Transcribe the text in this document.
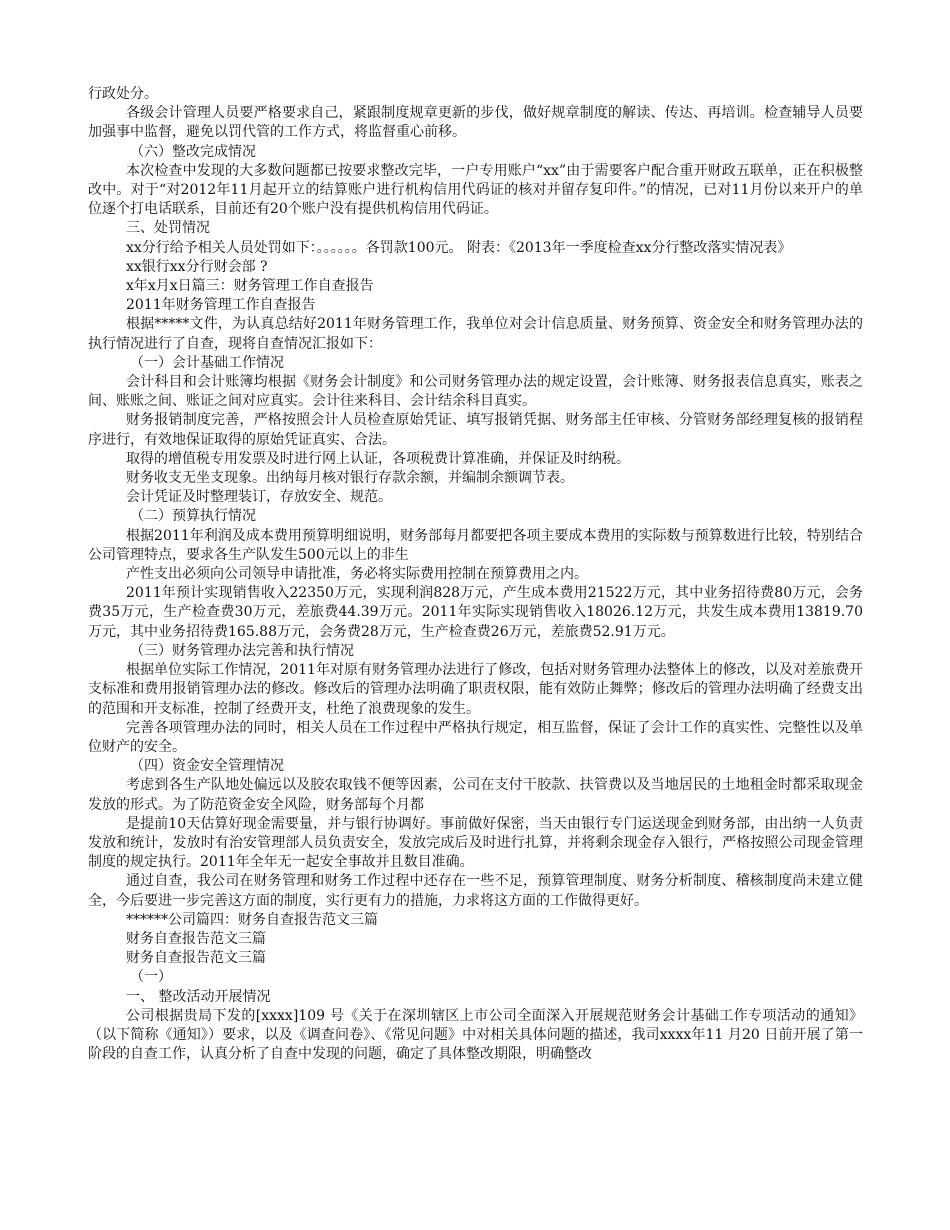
行政处分。

各级会计管理人员要严格要求自己，紧跟制度规章更新的步伐，做好规章制度的解读、传达、再培训。检查辅导人员要加强事中监督，避免以罚代管的工作方式，将监督重心前移。

（六）整改完成情况

本次检查中发现的大多数问题都已按要求整改完毕，一户专用账户“xx”由于需要客户配合重开财政五联单，正在积极整改中。对于“对2012年11月起开立的结算账户进行机构信用代码证的核对并留存复印件。”的情况，已对11月份以来开户的单位逐个打电话联系，目前还有20个账户没有提供机构信用代码证。

三、处罚情况

xx分行给予相关人员处罚如下：。。。。。。各罚款100元。 附表：《2013年一季度检查xx分行整改落实情况表》

xx银行xx分行财会部 ?

x年x月x日篇三：财务管理工作自查报告

2011年财务管理工作自查报告

根据*****文件，为认真总结好2011年财务管理工作，我单位对会计信息质量、财务预算、资金安全和财务管理办法的执行情况进行了自查，现将自查情况汇报如下：

（一）会计基础工作情况

会计科目和会计账簿均根据《财务会计制度》和公司财务管理办法的规定设置，会计账簿、财务报表信息真实，账表之间、账账之间、账证之间对应真实。会计往来科目、会计结余科目真实。

财务报销制度完善，严格按照会计人员检查原始凭证、填写报销凭据、财务部主任审核、分管财务部经理复核的报销程序进行，有效地保证取得的原始凭证真实、合法。

取得的增值税专用发票及时进行网上认证，各项税费计算准确，并保证及时纳税。

财务收支无坐支现象。出纳每月核对银行存款余额，并编制余额调节表。

会计凭证及时整理装订，存放安全、规范。

（二）预算执行情况

根据2011年利润及成本费用预算明细说明，财务部每月都要把各项主要成本费用的实际数与预算数进行比较，特别结合公司管理特点，要求各生产队发生500元以上的非生

产性支出必须向公司领导申请批准，务必将实际费用控制在预算费用之内。

2011年预计实现销售收入22350万元，实现利润828万元，产生成本费用21522万元，其中业务招待费80万元，会务费35万元，生产检查费30万元，差旅费44.39万元。2011年实际实现销售收入18026.12万元，共发生成本费用13819.70万元，其中业务招待费165.88万元，会务费28万元，生产检查费26万元，差旅费52.91万元。

（三）财务管理办法完善和执行情况

根据单位实际工作情况，2011年对原有财务管理办法进行了修改，包括对财务管理办法整体上的修改，以及对差旅费开支标准和费用报销管理办法的修改。修改后的管理办法明确了职责权限，能有效防止舞弊；修改后的管理办法明确了经费支出的范围和开支标准，控制了经费开支，杜绝了浪费现象的发生。

完善各项管理办法的同时，相关人员在工作过程中严格执行规定，相互监督，保证了会计工作的真实性、完整性以及单位财产的安全。

（四）资金安全管理情况

考虑到各生产队地处偏远以及胶农取钱不便等因素，公司在支付干胶款、扶管费以及当地居民的土地租金时都采取现金发放的形式。为了防范资金安全风险，财务部每个月都

是提前10天估算好现金需要量，并与银行协调好。事前做好保密，当天由银行专门运送现金到财务部，由出纳一人负责发放和统计，发放时有治安管理部人员负责安全，发放完成后及时进行扎算，并将剩余现金存入银行，严格按照公司现金管理制度的规定执行。2011年全年无一起安全事故并且数目准确。

通过自查，我公司在财务管理和财务工作过程中还存在一些不足，预算管理制度、财务分析制度、稽核制度尚未建立健全，今后要进一步完善这方面的制度，实行更有力的措施，力求将这方面的工作做得更好。

******公司篇四：财务自查报告范文三篇

财务自查报告范文三篇

财务自查报告范文三篇

（一）

一、 整改活动开展情况

公司根据贵局下发的[xxxx]109 号《关于在深圳辖区上市公司全面深入开展规范财务会计基础工作专项活动的通知》（以下简称《通知》）要求，以及《调查问卷》、《常见问题》中对相关具体问题的描述，我司xxxx年11 月20 日前开展了第一阶段的自查工作，认真分析了自查中发现的问题，确定了具体整改期限，明确整改
